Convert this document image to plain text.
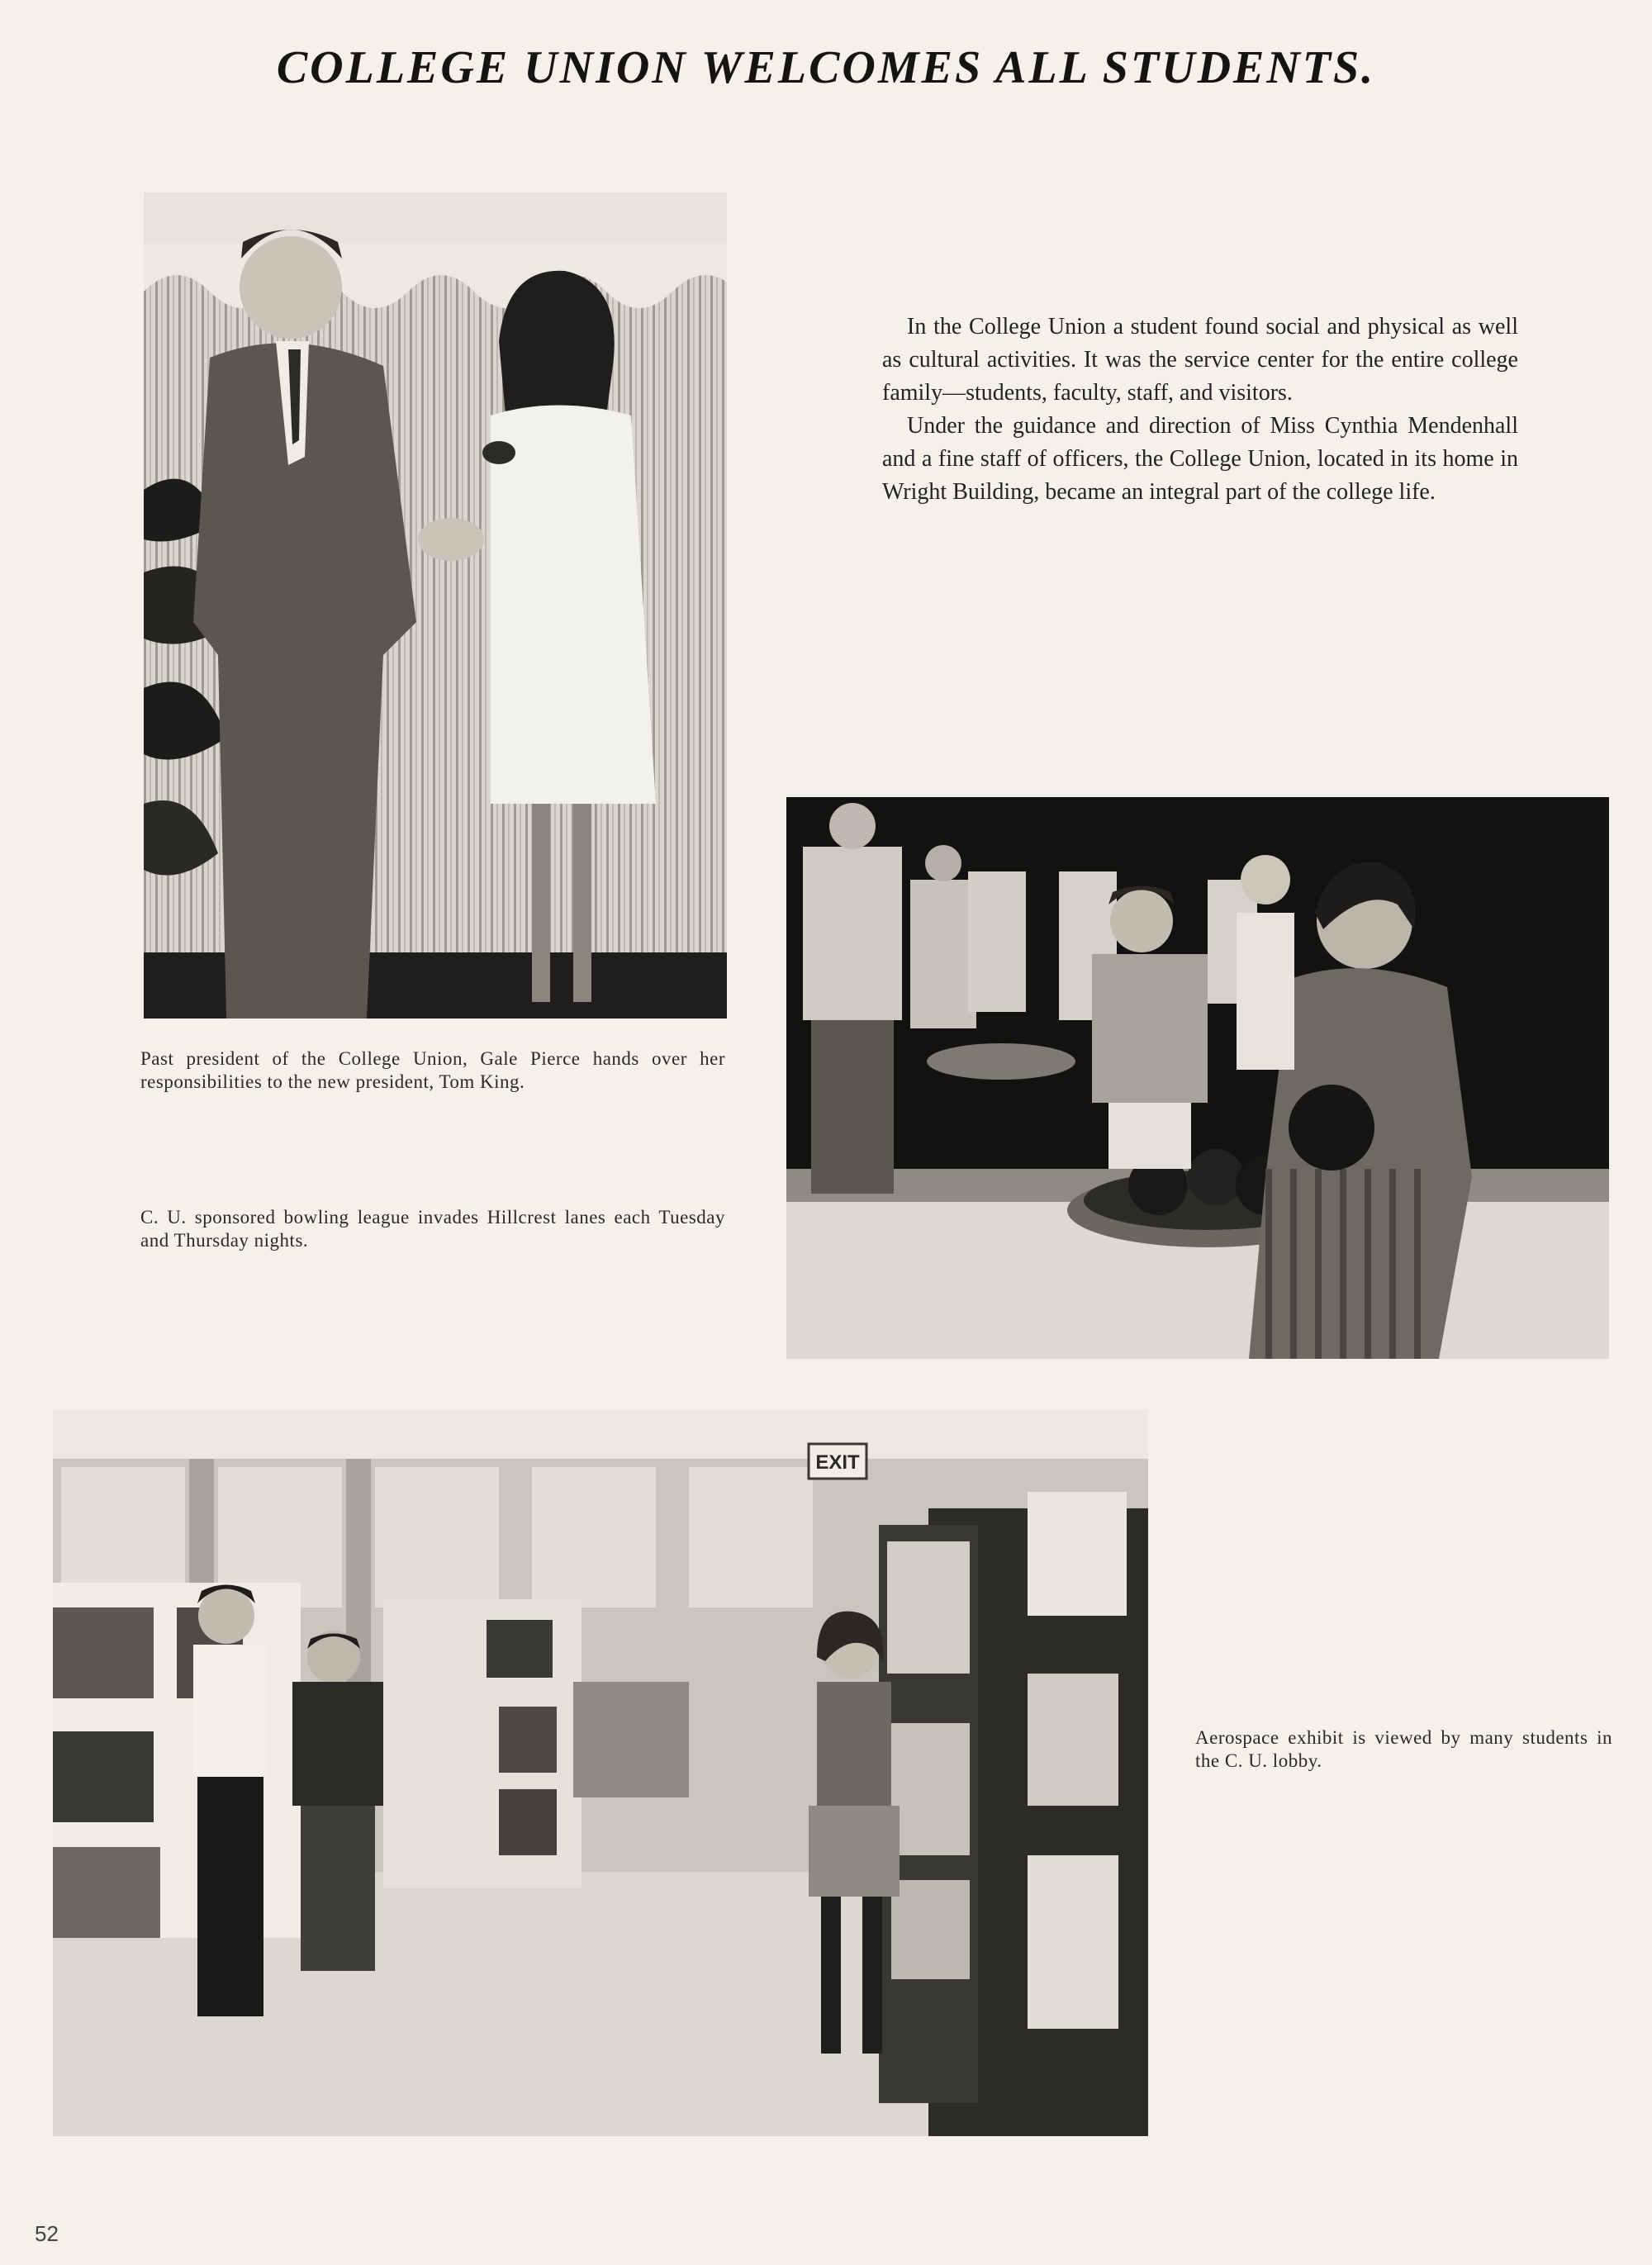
COLLEGE UNION WELCOMES ALL STUDENTS.

In the College Union a student found social and physical as well as cultural activities. It was the service center for the entire college family—students, faculty, staff, and visitors.

Under the guidance and direction of Miss Cynthia Mendenhall and a fine staff of officers, the College Union, located in its home in Wright Building, became an integral part of the college life.

Past president of the College Union, Gale Pierce hands over her responsibilities to the new president, Tom King.
C. U. sponsored bowling league invades Hillcrest lanes each Tuesday and Thursday nights.
EXIT
Aerospace exhibit is viewed by many students in the C. U. lobby.
52
